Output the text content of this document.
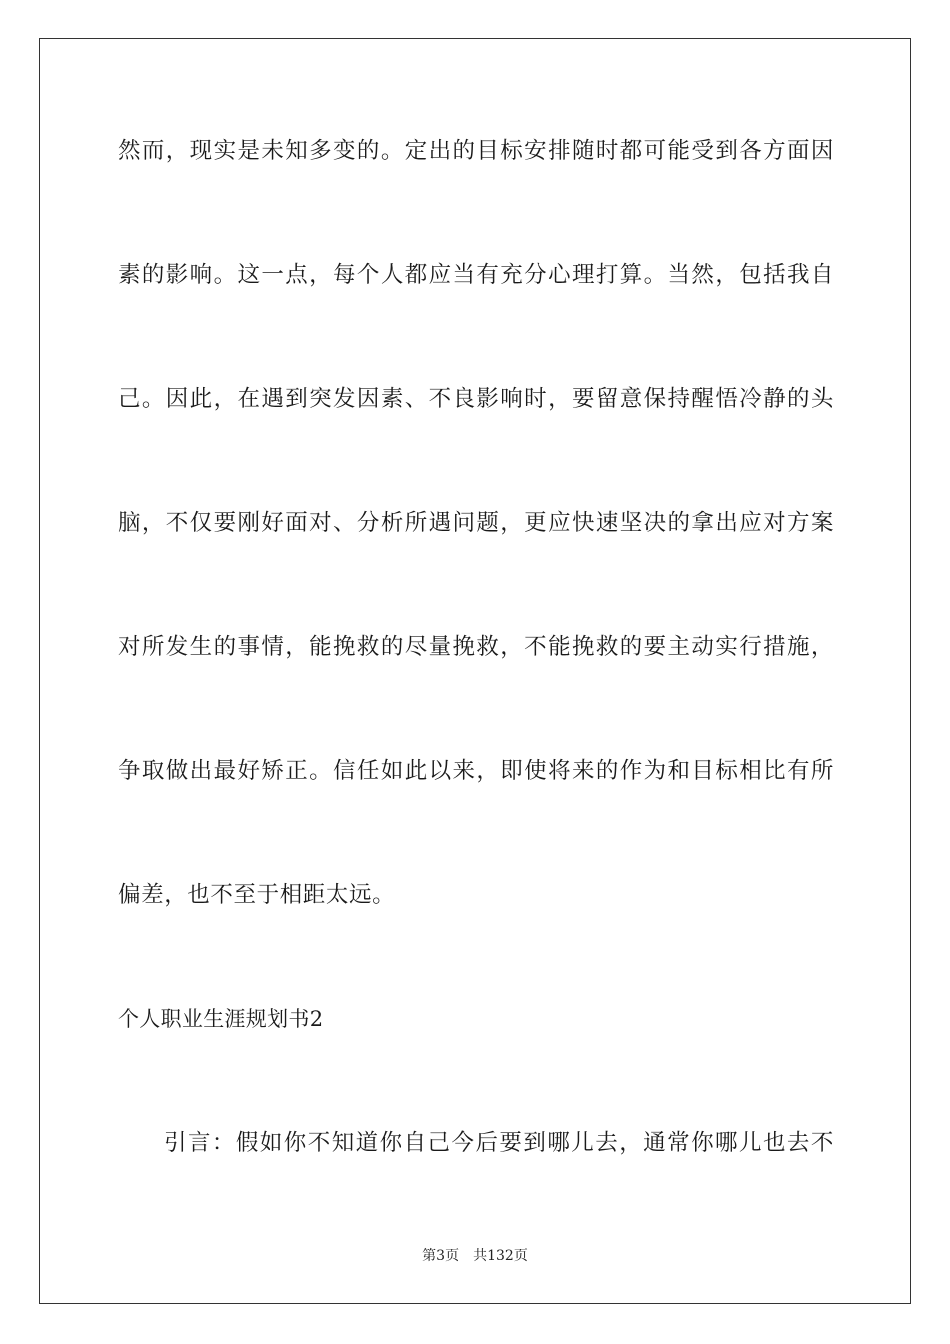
然而，现实是未知多变的。定出的目标安排随时都可能受到各方面因
素的影响。这一点，每个人都应当有充分心理打算。当然，包括我自
己。因此，在遇到突发因素、不良影响时，要留意保持醒悟冷静的头
脑，不仅要刚好面对、分析所遇问题，更应快速坚决的拿出应对方案
对所发生的事情，能挽救的尽量挽救，不能挽救的要主动实行措施，
争取做出最好矫正。信任如此以来，即使将来的作为和目标相比有所
偏差，也不至于相距太远。
个人职业生涯规划书2
引言：假如你不知道你自己今后要到哪儿去，通常你哪儿也去不
第3页 共132页
